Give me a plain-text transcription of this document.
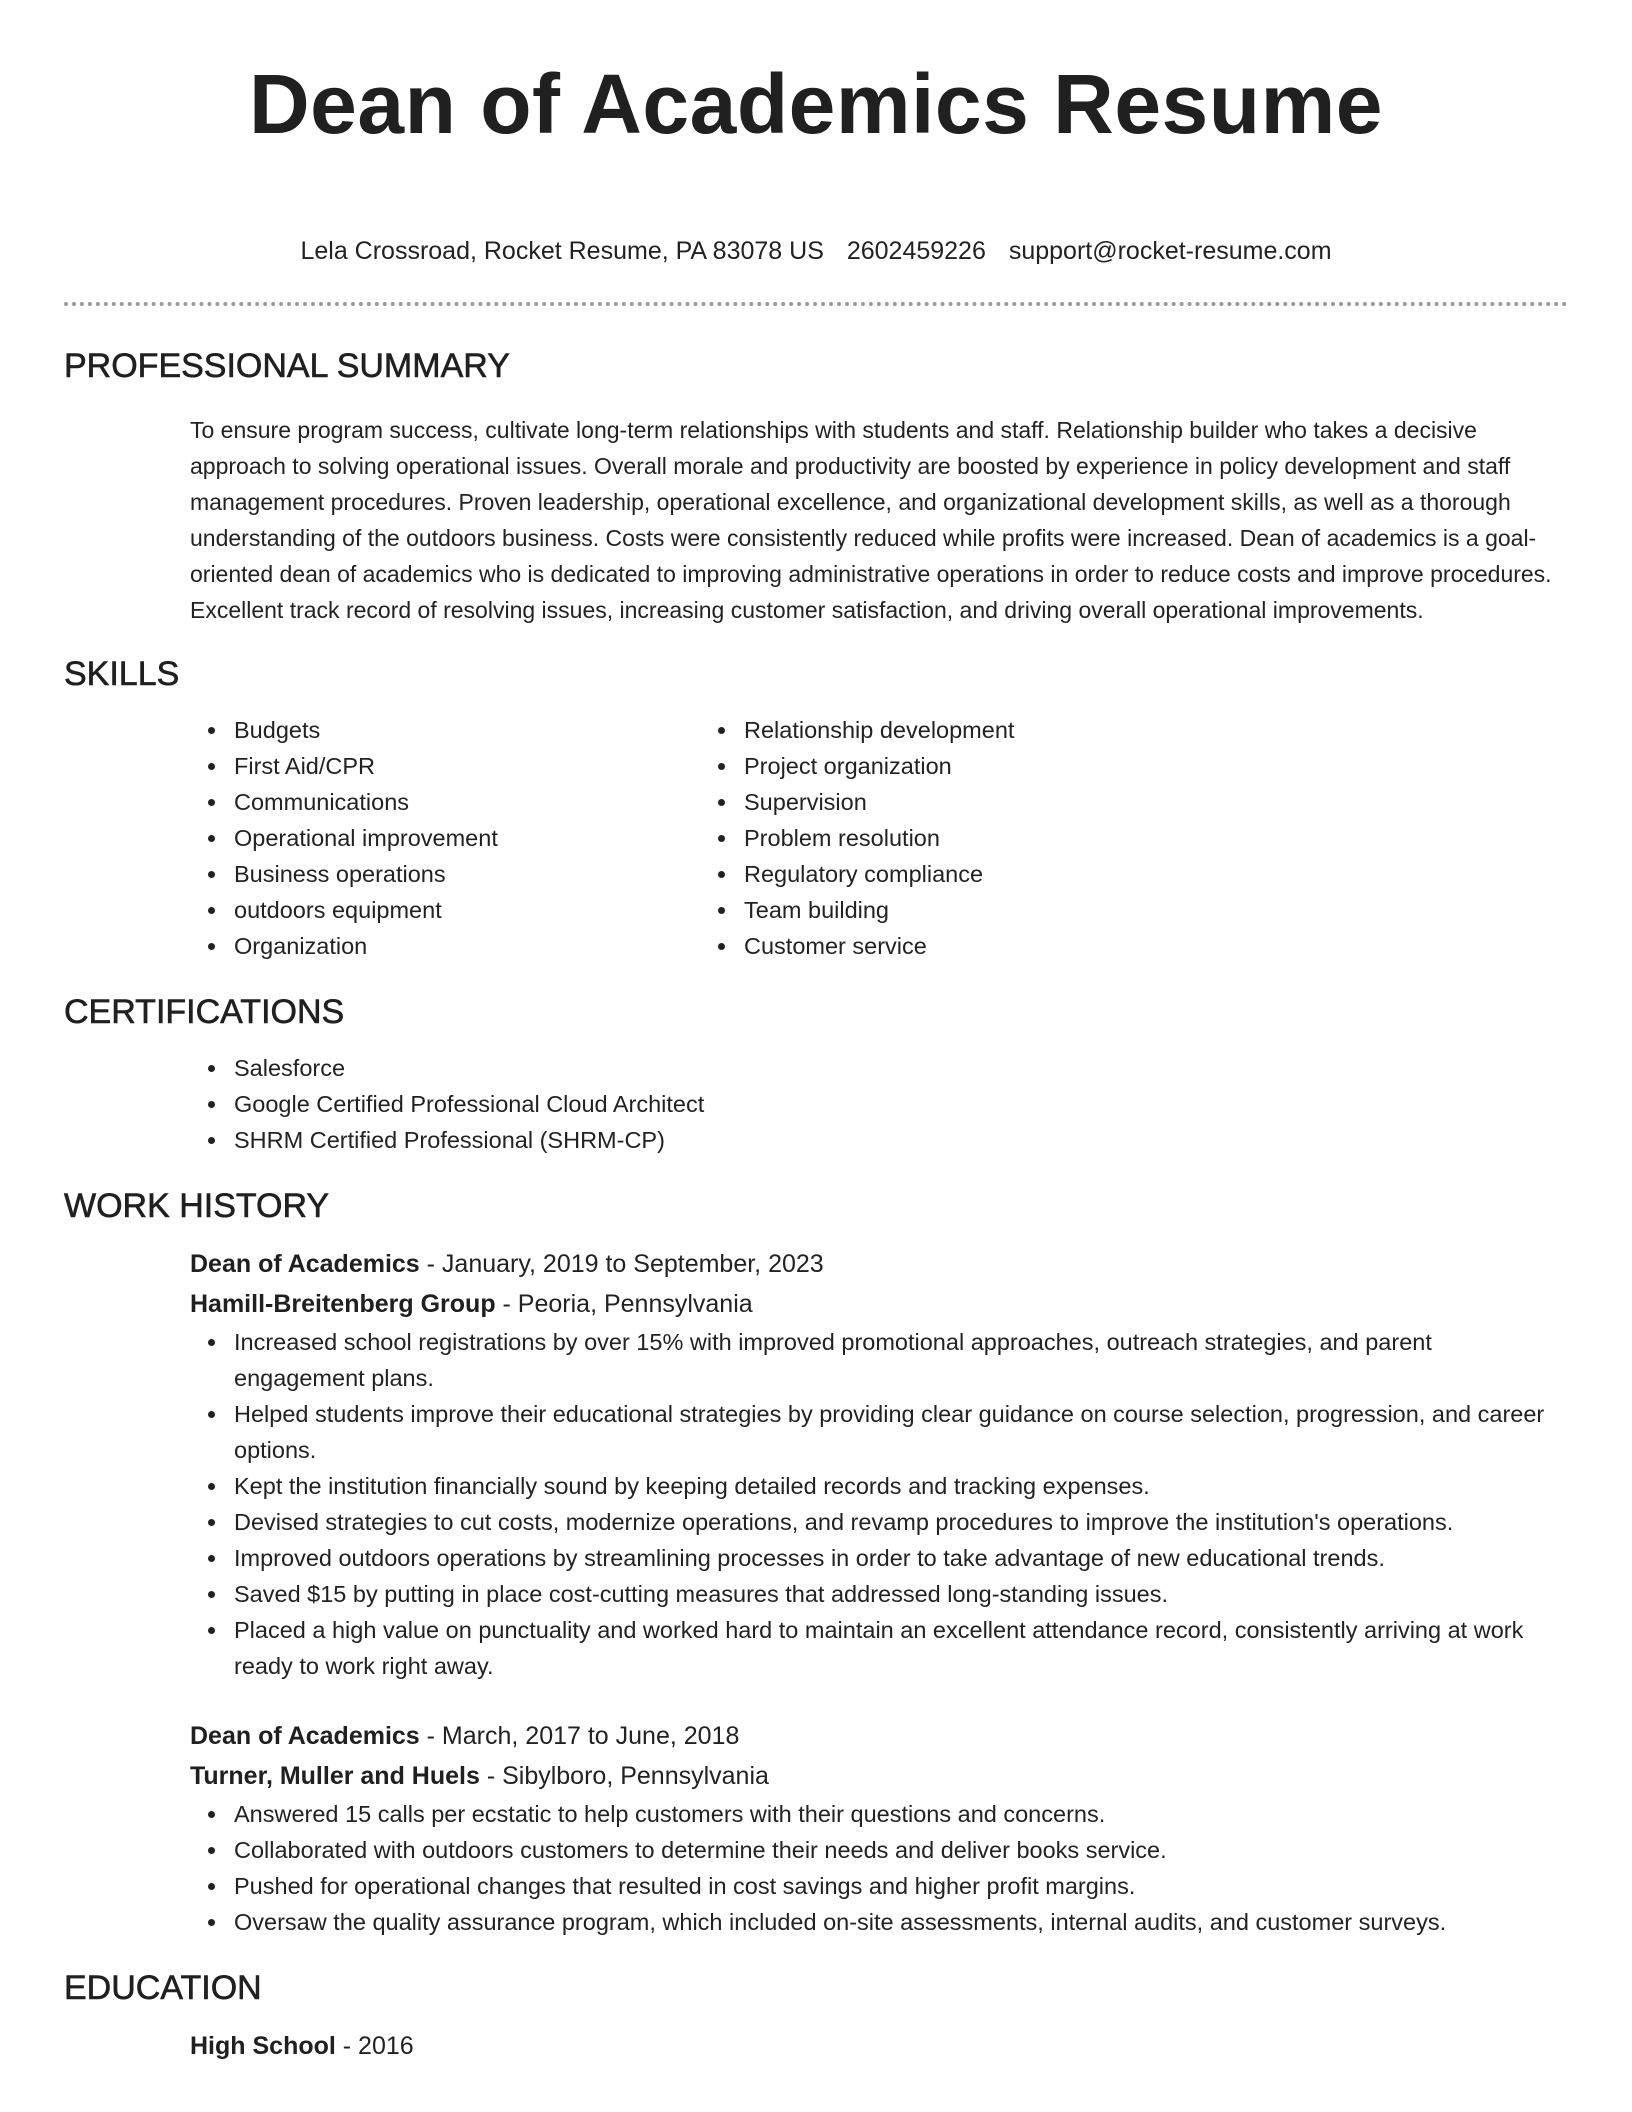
Dean of Academics Resume
Lela Crossroad, Rocket Resume, PA 83078 US 2602459226 support@rocket-resume.com
PROFESSIONAL SUMMARY

To ensure program success, cultivate long-term relationships with students and staff. Relationship builder who takes a decisive approach to solving operational issues. Overall morale and productivity are boosted by experience in policy development and staff management procedures. Proven leadership, operational excellence, and organizational development skills, as well as a thorough understanding of the outdoors business. Costs were consistently reduced while profits were increased. Dean of academics is a goal-oriented dean of academics who is dedicated to improving administrative operations in order to reduce costs and improve procedures. Excellent track record of resolving issues, increasing customer satisfaction, and driving overall operational improvements.

SKILLS
Budgets
First Aid/CPR
Communications
Operational improvement
Business operations
outdoors equipment
Organization
Relationship development
Project organization
Supervision
Problem resolution
Regulatory compliance
Team building
Customer service
CERTIFICATIONS
Salesforce
Google Certified Professional Cloud Architect
SHRM Certified Professional (SHRM-CP)
WORK HISTORY
Dean of Academics - January, 2019 to September, 2023
Hamill-Breitenberg Group - Peoria, Pennsylvania
Increased school registrations by over 15% with improved promotional approaches, outreach strategies, and parent engagement plans.
Helped students improve their educational strategies by providing clear guidance on course selection, progression, and career options.
Kept the institution financially sound by keeping detailed records and tracking expenses.
Devised strategies to cut costs, modernize operations, and revamp procedures to improve the institution's operations.
Improved outdoors operations by streamlining processes in order to take advantage of new educational trends.
Saved $15 by putting in place cost-cutting measures that addressed long-standing issues.
Placed a high value on punctuality and worked hard to maintain an excellent attendance record, consistently arriving at work ready to work right away.
Dean of Academics - March, 2017 to June, 2018
Turner, Muller and Huels - Sibylboro, Pennsylvania
Answered 15 calls per ecstatic to help customers with their questions and concerns.
Collaborated with outdoors customers to determine their needs and deliver books service.
Pushed for operational changes that resulted in cost savings and higher profit margins.
Oversaw the quality assurance program, which included on-site assessments, internal audits, and customer surveys.
EDUCATION
High School - 2016
